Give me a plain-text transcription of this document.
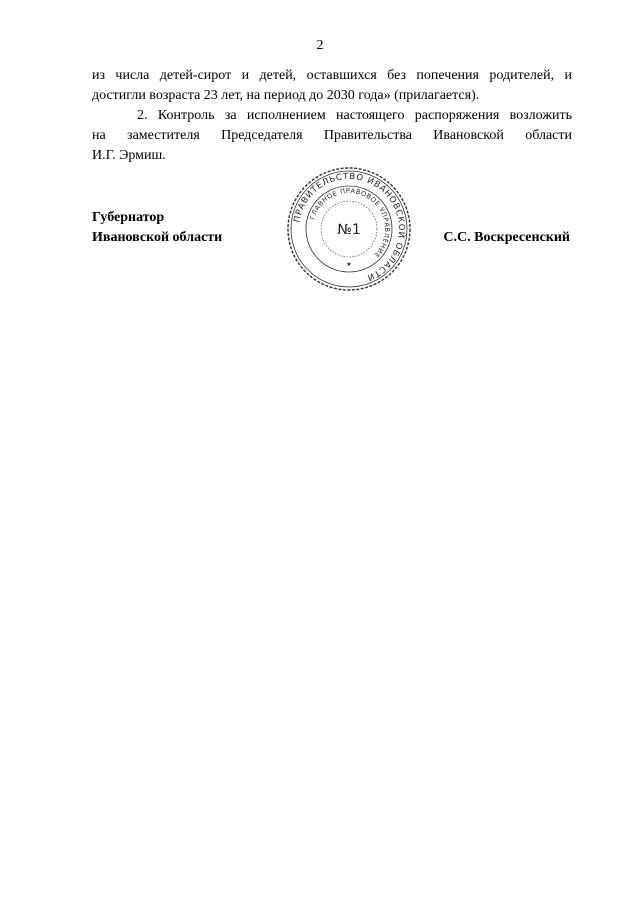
2

из числа детей-сирот и детей, оставшихся без попечения родителей, и
достигли возраста 23 лет, на период до 2030 года» (прилагается).

2. Контроль за исполнением настоящего распоряжения возложить
на заместителя Председателя Правительства Ивановской области
И.Г. Эрмиш.

Губернатор
Ивановской области	С.С. Воскресенский
ПРАВИТЕЛЬСТВО ИВАНОВСКОЙ ОБЛАСТИ
ГЛАВНОЕ ПРАВОВОЕ УПРАВЛЕНИЕ
№1
★
